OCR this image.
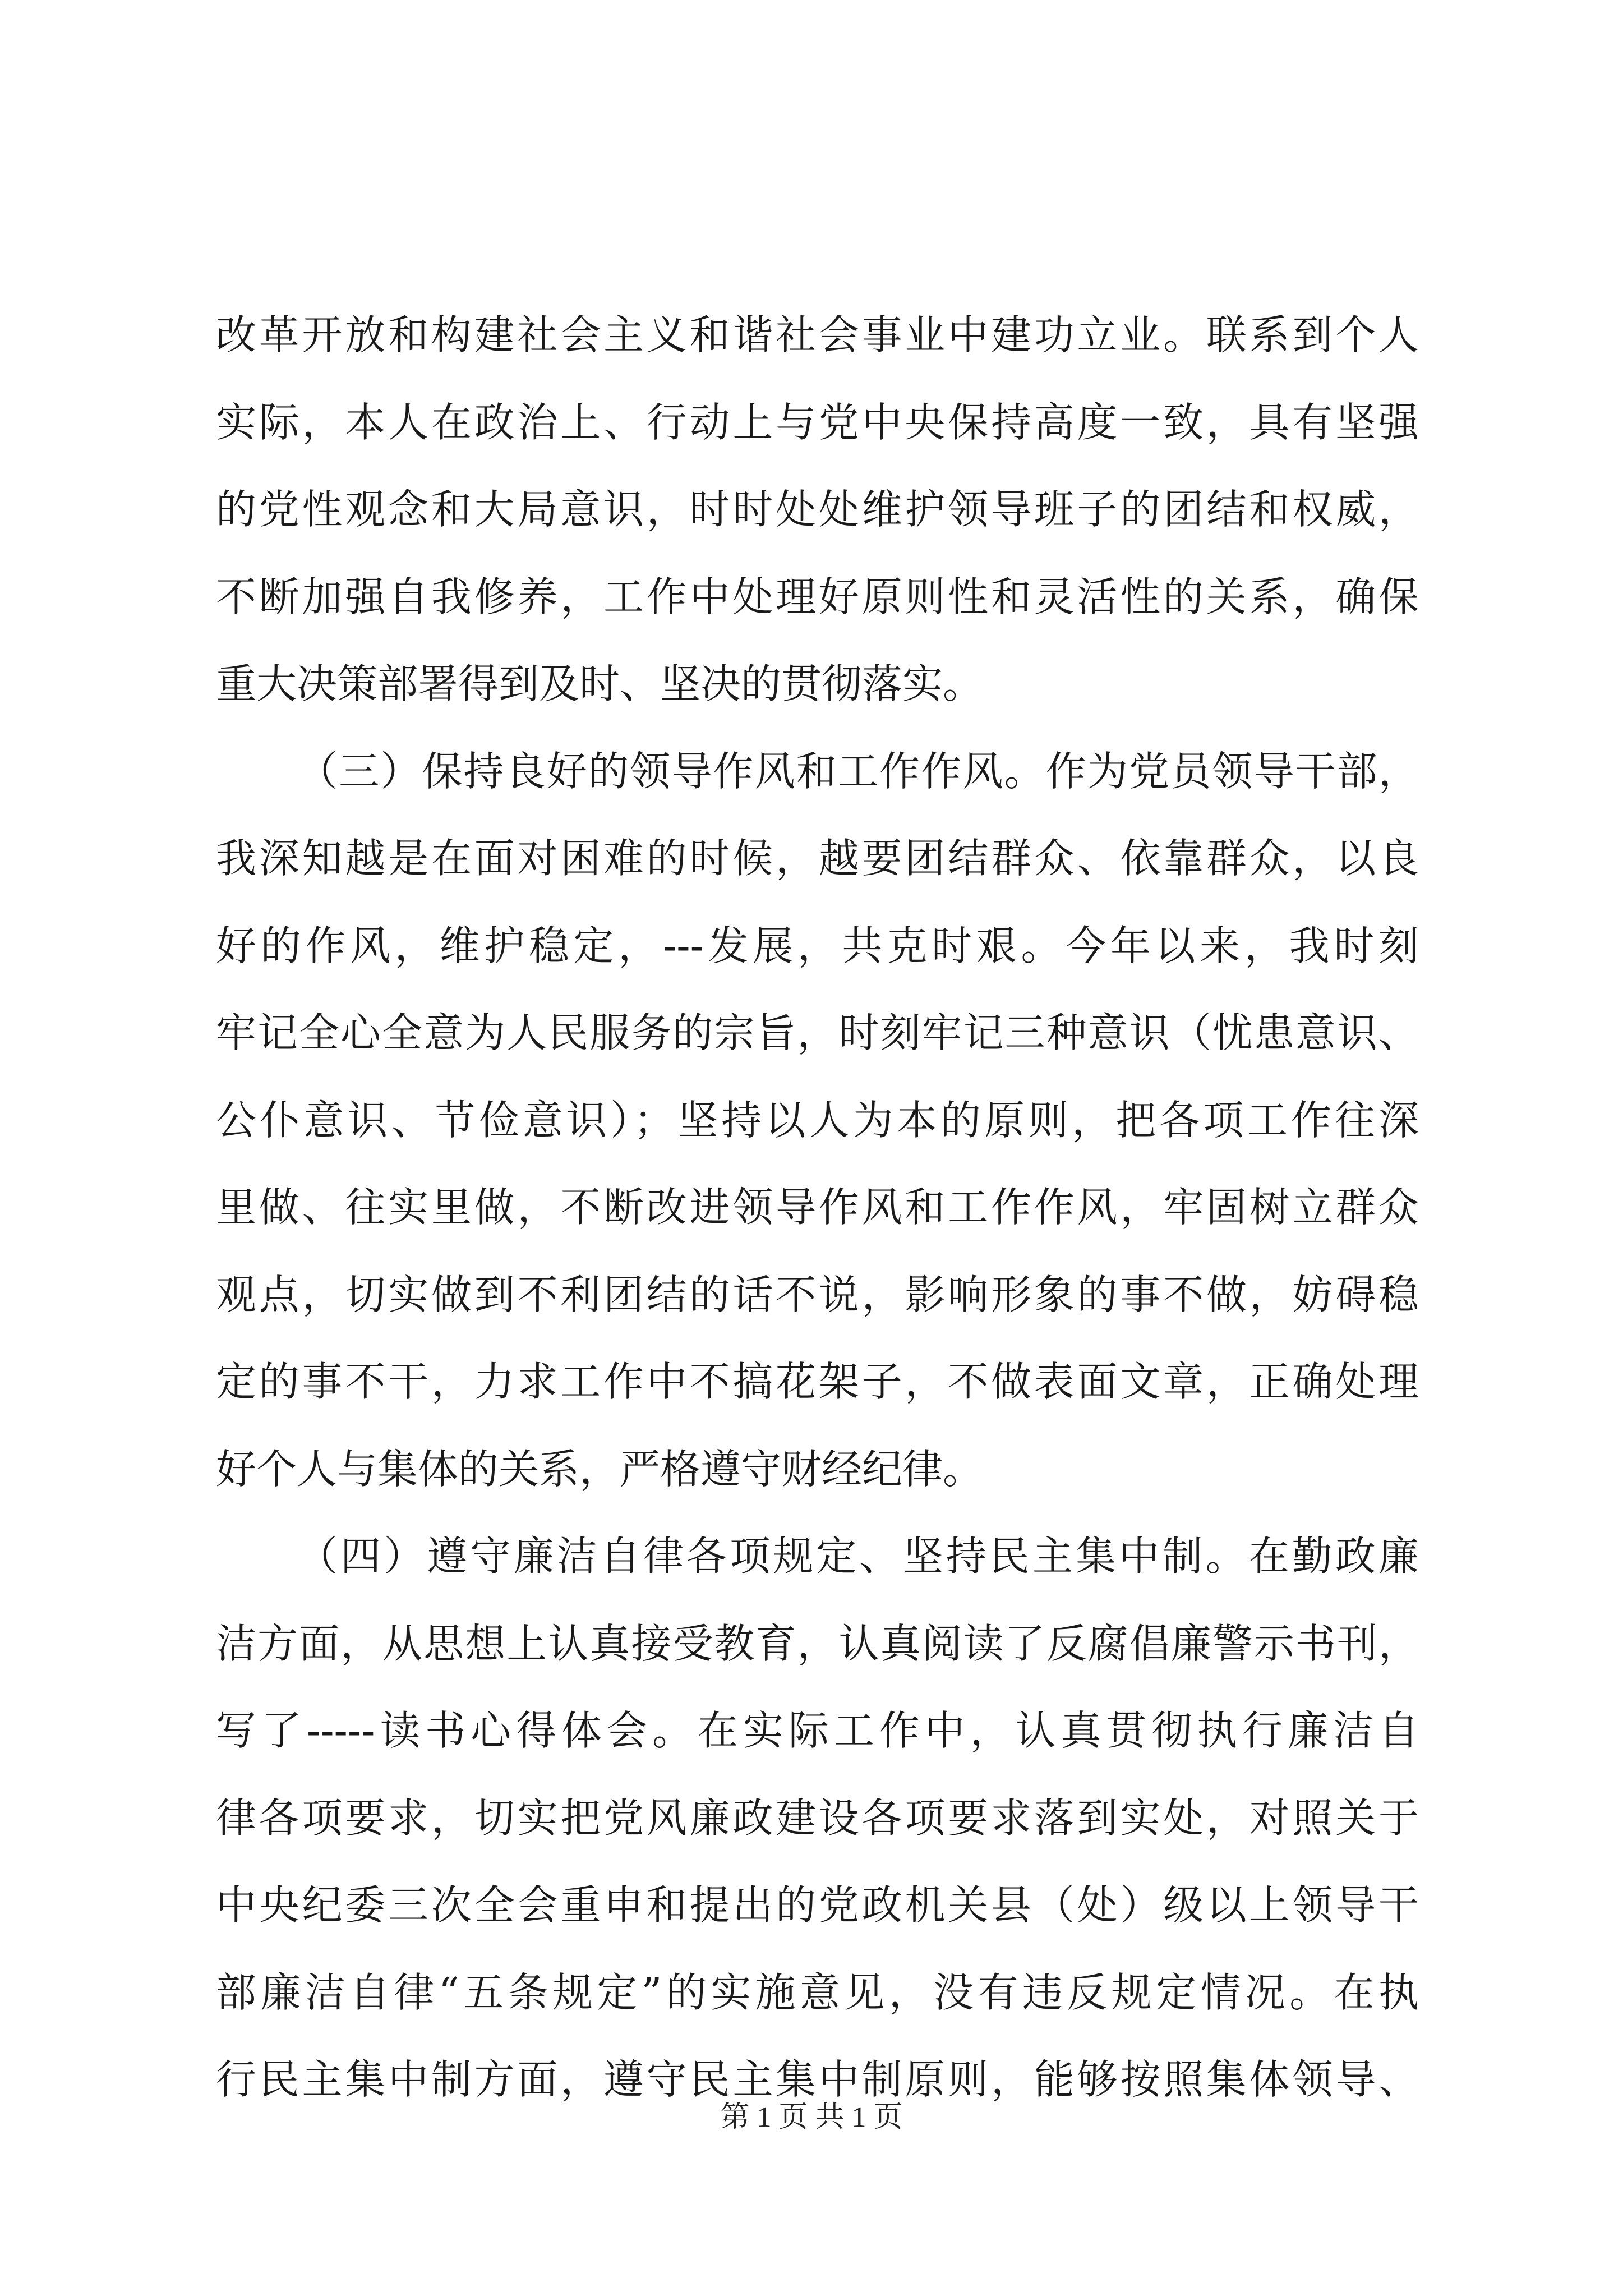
改革开放和构建社会主义和谐社会事业中建功立业。联系到个人
实际，本人在政治上、行动上与党中央保持高度一致，具有坚强
的党性观念和大局意识，时时处处维护领导班子的团结和权威，
不断加强自我修养，工作中处理好原则性和灵活性的关系，确保
重大决策部署得到及时、坚决的贯彻落实。
（三）保持良好的领导作风和工作作风。作为党员领导干部，
我深知越是在面对困难的时候，越要团结群众、依靠群众，以良
好的作风，维护稳定，---发展，共克时艰。今年以来，我时刻
牢记全心全意为人民服务的宗旨，时刻牢记三种意识（忧患意识、
公仆意识、节俭意识）；坚持以人为本的原则，把各项工作往深
里做、往实里做，不断改进领导作风和工作作风，牢固树立群众
观点，切实做到不利团结的话不说，影响形象的事不做，妨碍稳
定的事不干，力求工作中不搞花架子，不做表面文章，正确处理
好个人与集体的关系，严格遵守财经纪律。
（四）遵守廉洁自律各项规定、坚持民主集中制。在勤政廉
洁方面，从思想上认真接受教育，认真阅读了反腐倡廉警示书刊，
写了-----读书心得体会。在实际工作中，认真贯彻执行廉洁自
律各项要求，切实把党风廉政建设各项要求落到实处，对照关于
中央纪委三次全会重申和提出的党政机关县（处）级以上领导干
部廉洁自律“五条规定”的实施意见，没有违反规定情况。在执
行民主集中制方面，遵守民主集中制原则，能够按照集体领导、
第 1 页 共 1 页
